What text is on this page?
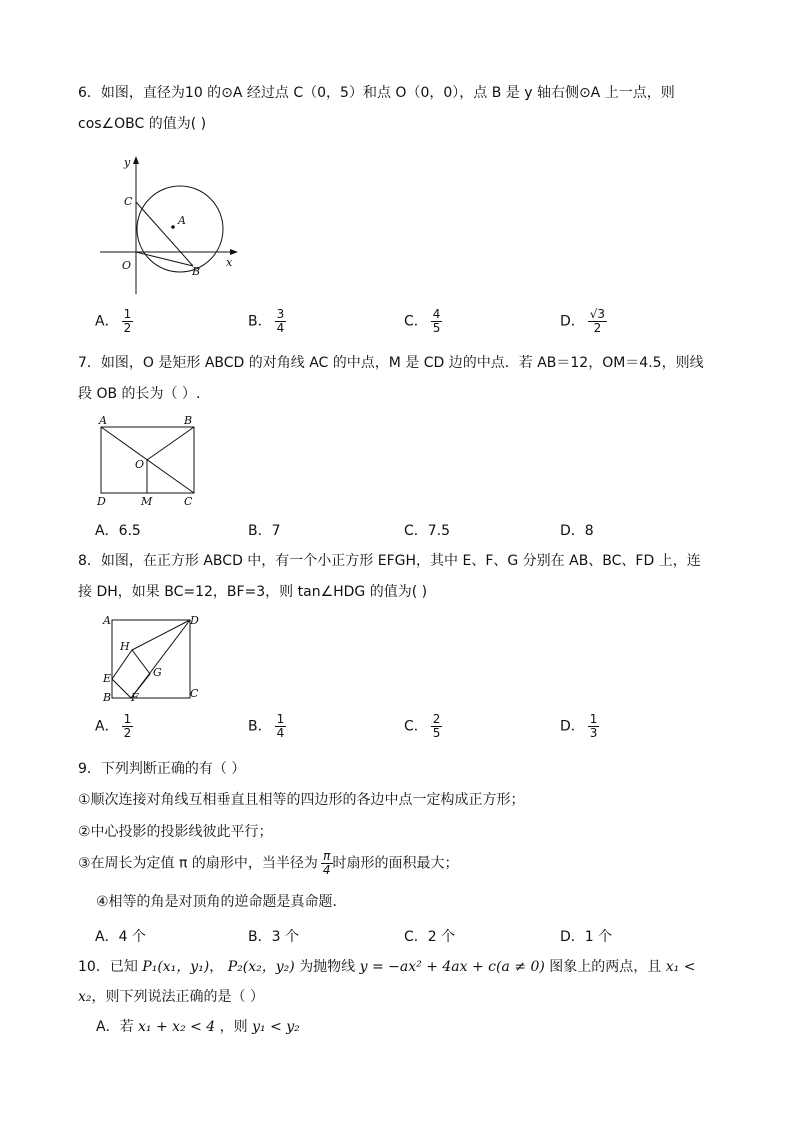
6．如图，直径为10 的⊙A 经过点 C（0，5）和点 O（0，0），点 B 是 y 轴右侧⊙A 上一点，则
cos∠OBC 的值为( )
y
x
C
A
O	B
A． $\frac{1}{2}$	B． $\frac{3}{4}$	C． $\frac{4}{5}$	D． $\frac{√3}{2}$
7．如图，O 是矩形 ABCD 的对角线 AC 的中点，M 是 CD 边的中点．若 AB＝12，OM＝4.5，则线
段 OB 的长为（ ）.
A	B
O
D	M	C
A．6.5	B．7	C．7.5	D．8
8．如图，在正方形 ABCD 中，有一个小正方形 EFGH，其中 E、F、G 分别在 AB、BC、FD 上，连
接 DH，如果 BC=12，BF=3，则 tan∠HDG 的值为( )
A	D
H
G
E
B F	C
A． $\frac{1}{2}$	B． $\frac{1}{4}$	C． $\frac{2}{5}$	D． $\frac{1}{3}$
9．下列判断正确的有（ ）
①顺次连接对角线互相垂直且相等的四边形的各边中点一定构成正方形；
②中心投影的投影线彼此平行；
③在周长为定值 π 的扇形中，当半径为 $\frac{\pi}{4}$ 时扇形的面积最大；
④相等的角是对顶角的逆命题是真命题．
A．4 个	B．3 个	C．2 个	D．1 个
10．已知 P₁(x₁，y₁)， P₂(x₂，y₂) 为抛物线 y = −ax² + 4ax + c(a ≠ 0) 图象上的两点，且 x₁ <
x₂，则下列说法正确的是（ ）
A．若 x₁ + x₂ < 4 ，则 y₁ < y₂
